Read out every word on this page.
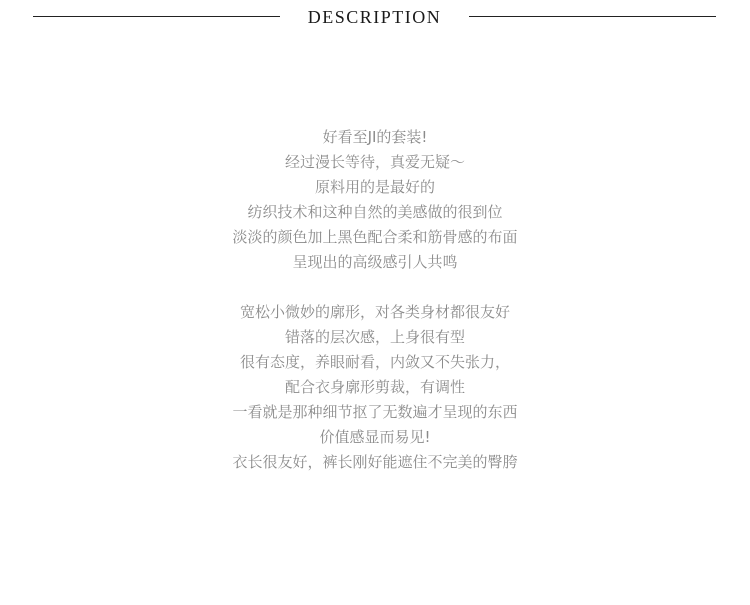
DESCRIPTION
好看至JI的套装!
经过漫长等待，真爱无疑〜
原料用的是最好的
纺织技术和这种自然的美感做的很到位
淡淡的颜色加上黑色配合柔和筋骨感的布面
呈现出的高级感引人共鸣
宽松小微妙的廓形，对各类身材都很友好
错落的层次感，上身很有型
很有态度，养眼耐看，内敛又不失张力，
配合衣身廓形剪裁，有调性
一看就是那种细节抠了无数遍才呈现的东西
价值感显而易见!
衣长很友好，裤长刚好能遮住不完美的臀胯
